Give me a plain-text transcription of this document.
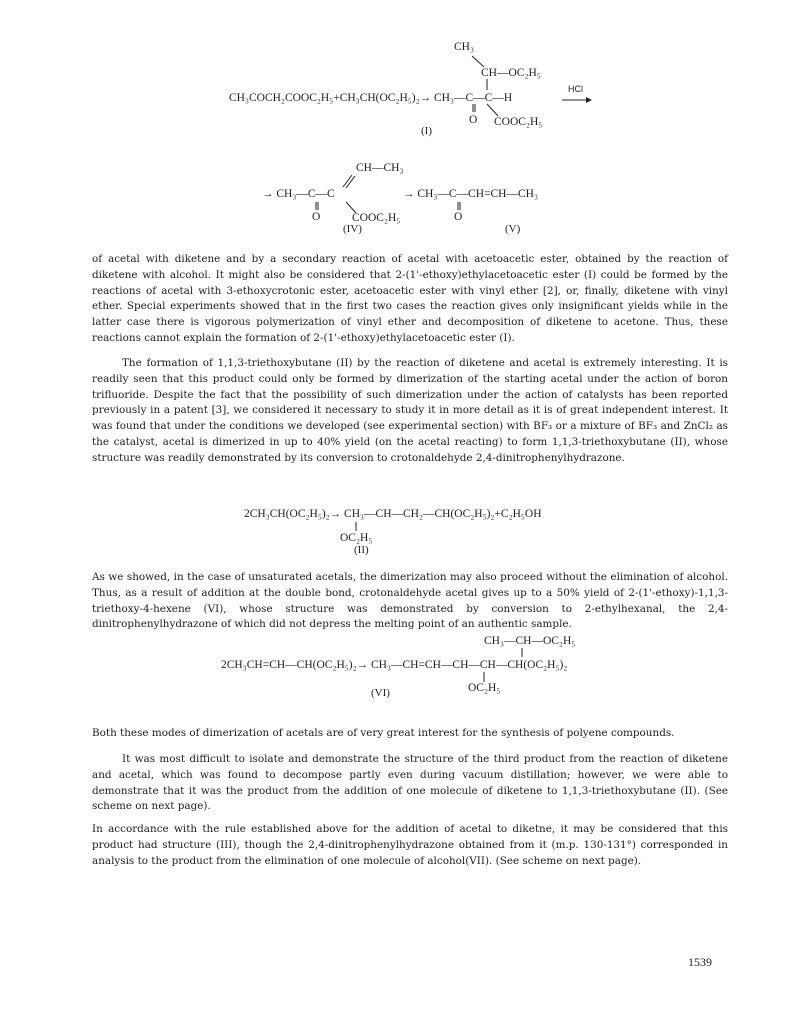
CH₃
CH—OC₂H₅
CH₃COCH₂COOC₂H₅+CH₃CH(OC₂H₅)₂→ CH₃—C—C—H
O COOC₂H₅
(I)
HCl
CH—CH₃
→ CH₃—C—C
O	COOC₂H₅
(IV)
→ CH₃—C—CH=CH—CH₃
O
(V)

of acetal with diketene and by a secondary reaction of acetal with acetoacetic ester, obtained by the reaction of diketene with alcohol. It might also be considered that 2-(1'-ethoxy)ethylacetoacetic ester (I) could be formed by the reactions of acetal with 3-ethoxycrotonic ester, acetoacetic ester with vinyl ether [2], or, finally, diketene with vinyl ether. Special experiments showed that in the first two cases the reaction gives only insignificant yields while in the latter case there is vigorous polymerization of vinyl ether and decomposition of diketene to acetone. Thus, these reactions cannot explain the formation of 2-(1'-ethoxy)ethylacetoacetic ester (I).

The formation of 1,1,3-triethoxybutane (II) by the reaction of diketene and acetal is extremely interesting. It is readily seen that this product could only be formed by dimerization of the starting acetal under the action of boron trifluoride. Despite the fact that the possibility of such dimerization under the action of catalysts has been reported previously in a patent [3], we considered it necessary to study it in more detail as it is of great independent interest. It was found that under the conditions we developed (see experimental section) with BF₃ or a mixture of BF₃ and ZnCl₂ as the catalyst, acetal is dimerized in up to 40% yield (on the acetal reacting) to form 1,1,3-triethoxybutane (II), whose structure was readily demonstrated by its conversion to crotonaldehyde 2,4-dinitrophenylhydrazone.

2CH₃CH(OC₂H₅)₂→ CH₃—CH—CH₂—CH(OC₂H₅)₂+C₂H₅OH
OC₂H₅
(II)

As we showed, in the case of unsaturated acetals, the dimerization may also proceed without the elimination of alcohol. Thus, as a result of addition at the double bond, crotonaldehyde acetal gives up to a 50% yield of 2-(1'-ethoxy)-1,1,3-triethoxy-4-hexene (VI), whose structure was demonstrated by conversion to 2-ethylhexanal, the 2,4-dinitrophenylhydrazone of which did not depress the melting point of an authentic sample.

CH₃—CH—OC₂H₅
2CH₃CH=CH—CH(OC₂H₅)₂→ CH₃—CH=CH—CH—CH—CH(OC₂H₅)₂
OC₂H₅
(VI)

Both these modes of dimerization of acetals are of very great interest for the synthesis of polyene compounds.

It was most difficult to isolate and demonstrate the structure of the third product from the reaction of diketene and acetal, which was found to decompose partly even during vacuum distillation; however, we were able to demonstrate that it was the product from the addition of one molecule of diketene to 1,1,3-triethoxybutane (II). (See scheme on next page).

In accordance with the rule established above for the addition of acetal to diketne, it may be considered that this product had structure (III), though the 2,4-dinitrophenylhydrazone obtained from it (m.p. 130-131°) corresponded in analysis to the product from the elimination of one molecule of alcohol(VII). (See scheme on next page).

1539
